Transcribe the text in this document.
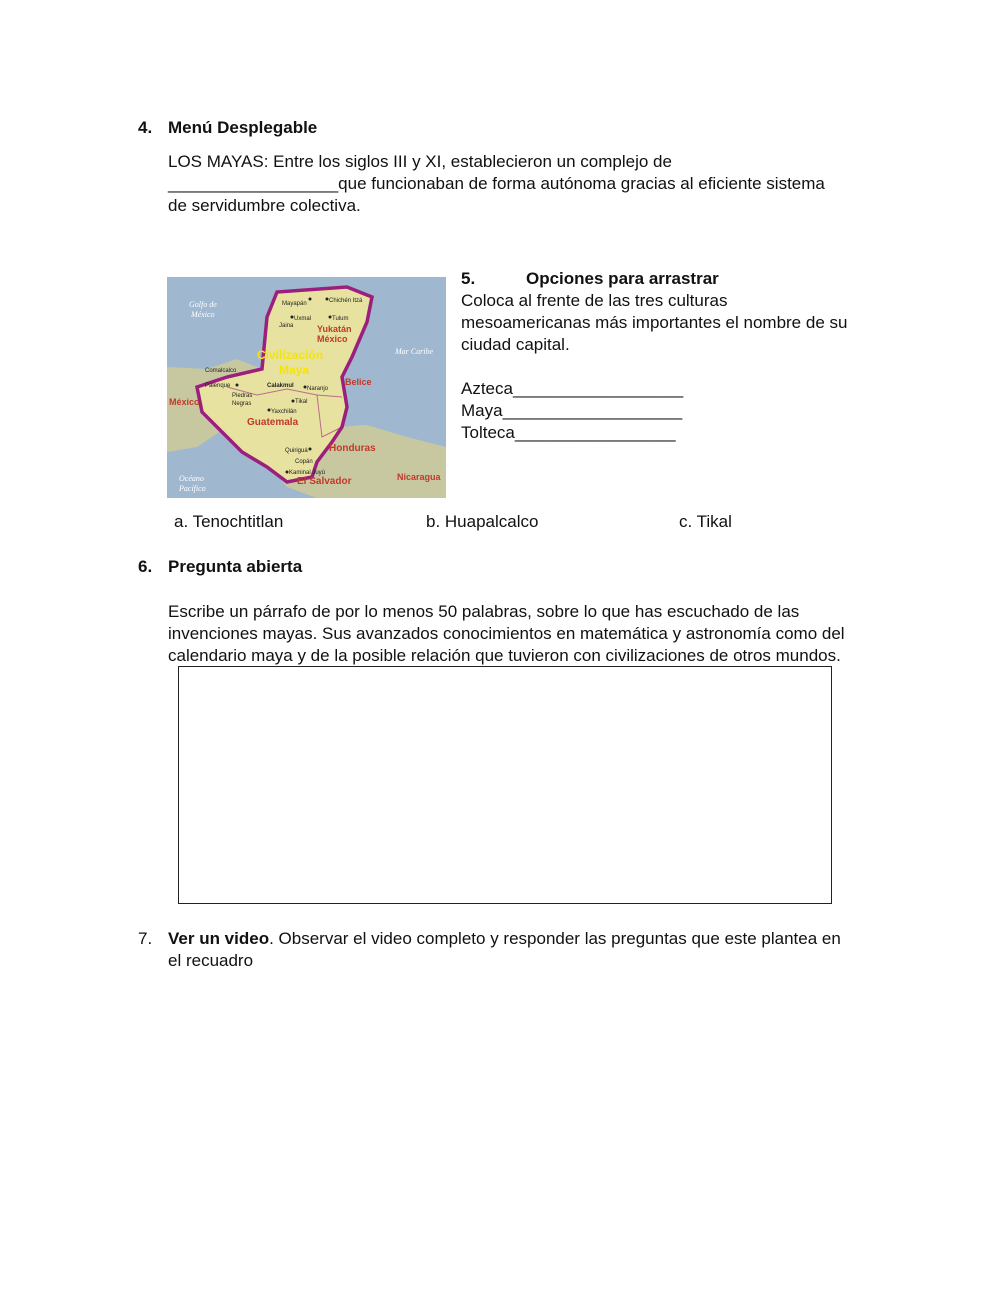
4. Menú Desplegable
LOS MAYAS: Entre los siglos III y XI, establecieron un complejo de
__________________que funcionaban de forma autónoma gracias al eficiente sistema
de servidumbre colectiva.
Golfo de
México
Mar Caribe
Yukatán
México
Civilización
Maya
Belice
México
Guatemala
Honduras
Océano
Pacífico
El Salvador	Nicaragua
Mayapán	Chichén Itzá
Uxmal	Tulum
Jaina
Comalcalco
Palenque	Calakmul Naranjo
Piedras
Negras	Tikal
Yaxchilán
Quiriguá
Copán
Kaminal Juyú
5.	Opciones para arrastrar
Coloca al frente de las tres culturas
mesoamericanas más importantes el nombre de su
ciudad capital.
Azteca__________________
Maya___________________
Tolteca_________________
a. Tenochtitlan	b. Huapalcalco	c. Tikal
6. Pregunta abierta
Escribe un párrafo de por lo menos 50 palabras, sobre lo que has escuchado de las
invenciones mayas. Sus avanzados conocimientos en matemática y astronomía como del
calendario maya y de la posible relación que tuvieron con civilizaciones de otros mundos.
7. Ver un video. Observar el video completo y responder las preguntas que este plantea en
el recuadro
